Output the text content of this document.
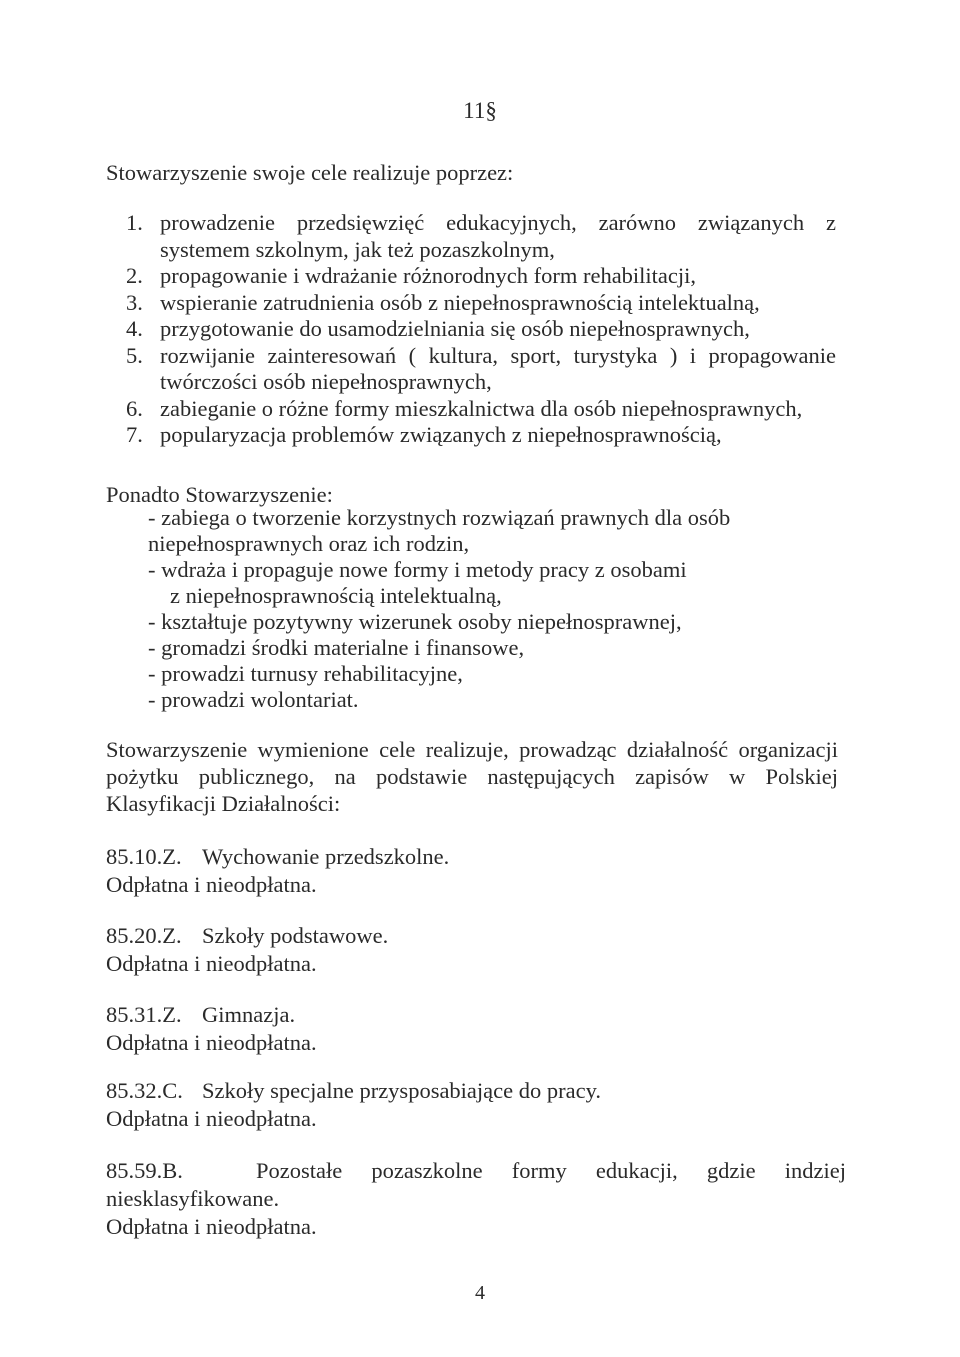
11§
Stowarzyszenie swoje cele realizuje poprzez:
1. prowadzenie przedsięwzięć edukacyjnych, zarówno związanych z
systemem szkolnym, jak też pozaszkolnym,
2. propagowanie i wdrażanie różnorodnych form rehabilitacji,
3. wspieranie zatrudnienia osób z niepełnosprawnością intelektualną,
4. przygotowanie do usamodzielniania się osób niepełnosprawnych,
5. rozwijanie zainteresowań ( kultura, sport, turystyka ) i propagowanie
twórczości osób niepełnosprawnych,
6. zabieganie o różne formy mieszkalnictwa dla osób niepełnosprawnych,
7. popularyzacja problemów związanych z niepełnosprawnością,
Ponadto Stowarzyszenie:
- zabiega o tworzenie korzystnych rozwiązań prawnych dla osób
niepełnosprawnych oraz ich rodzin,
- wdraża i propaguje nowe formy i metody pracy z osobami
z niepełnosprawnością intelektualną,
- kształtuje pozytywny wizerunek osoby niepełnosprawnej,
- gromadzi środki materialne i finansowe,
- prowadzi turnusy rehabilitacyjne,
- prowadzi wolontariat.
Stowarzyszenie wymienione cele realizuje, prowadząc działalność organizacji
pożytku publicznego, na podstawie następujących zapisów w Polskiej
Klasyfikacji Działalności:
85.10.Z. Wychowanie przedszkolne.
Odpłatna i nieodpłatna.
85.20.Z. Szkoły podstawowe.
Odpłatna i nieodpłatna.
85.31.Z. Gimnazja.
Odpłatna i nieodpłatna.
85.32.C. Szkoły specjalne przysposabiające do pracy.
Odpłatna i nieodpłatna.
85.59.B.	Pozostałe pozaszkolne formy edukacji, gdzie indziej
niesklasyfikowane.
Odpłatna i nieodpłatna.
4
